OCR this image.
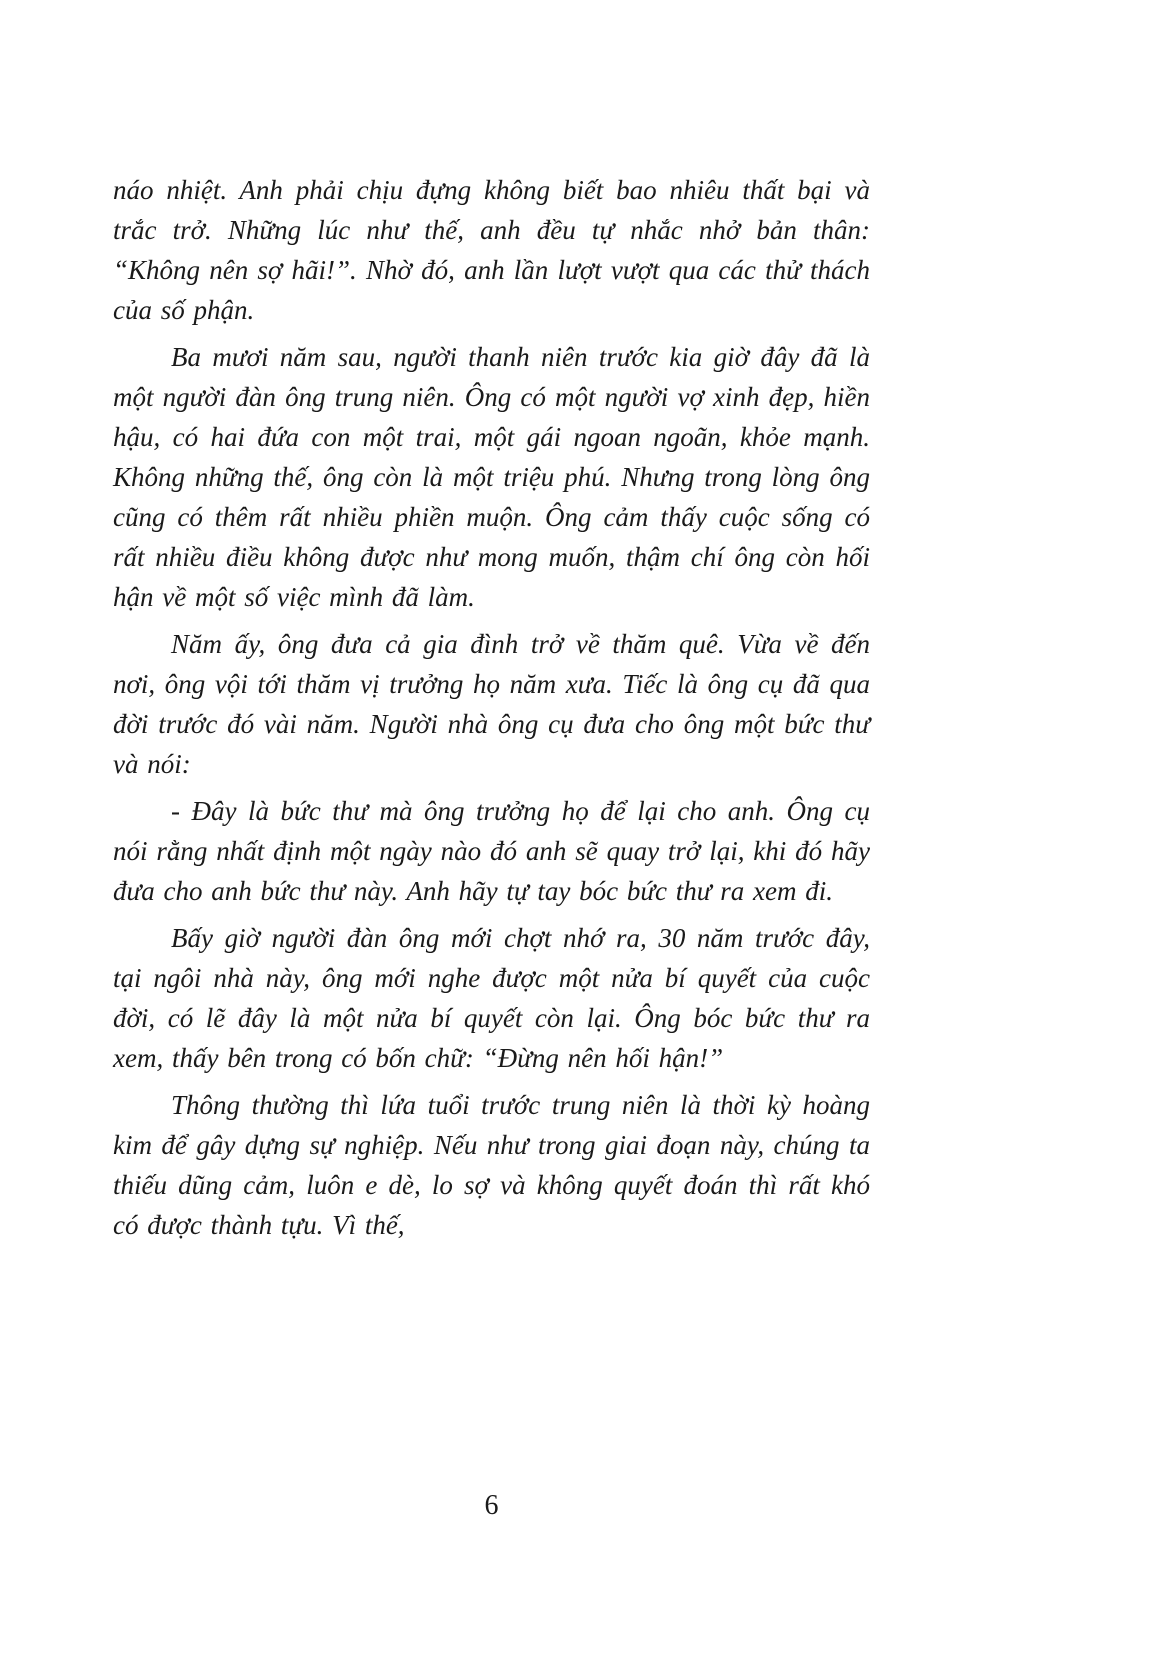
náo nhiệt. Anh phải chịu đựng không biết bao nhiêu thất bại và trắc trở. Những lúc như thế, anh đều tự nhắc nhở bản thân: “Không nên sợ hãi!”. Nhờ đó, anh lần lượt vượt qua các thử thách của số phận.

Ba mươi năm sau, người thanh niên trước kia giờ đây đã là một người đàn ông trung niên. Ông có một người vợ xinh đẹp, hiền hậu, có hai đứa con một trai, một gái ngoan ngoãn, khỏe mạnh. Không những thế, ông còn là một triệu phú. Nhưng trong lòng ông cũng có thêm rất nhiều phiền muộn. Ông cảm thấy cuộc sống có rất nhiều điều không được như mong muốn, thậm chí ông còn hối hận về một số việc mình đã làm.

Năm ấy, ông đưa cả gia đình trở về thăm quê. Vừa về đến nơi, ông vội tới thăm vị trưởng họ năm xưa. Tiếc là ông cụ đã qua đời trước đó vài năm. Người nhà ông cụ đưa cho ông một bức thư và nói:

- Đây là bức thư mà ông trưởng họ để lại cho anh. Ông cụ nói rằng nhất định một ngày nào đó anh sẽ quay trở lại, khi đó hãy đưa cho anh bức thư này. Anh hãy tự tay bóc bức thư ra xem đi.

Bấy giờ người đàn ông mới chợt nhớ ra, 30 năm trước đây, tại ngôi nhà này, ông mới nghe được một nửa bí quyết của cuộc đời, có lẽ đây là một nửa bí quyết còn lại. Ông bóc bức thư ra xem, thấy bên trong có bốn chữ: “Đừng nên hối hận!”

Thông thường thì lứa tuổi trước trung niên là thời kỳ hoàng kim để gây dựng sự nghiệp. Nếu như trong giai đoạn này, chúng ta thiếu dũng cảm, luôn e dè, lo sợ và không quyết đoán thì rất khó có được thành tựu. Vì thế,

6
